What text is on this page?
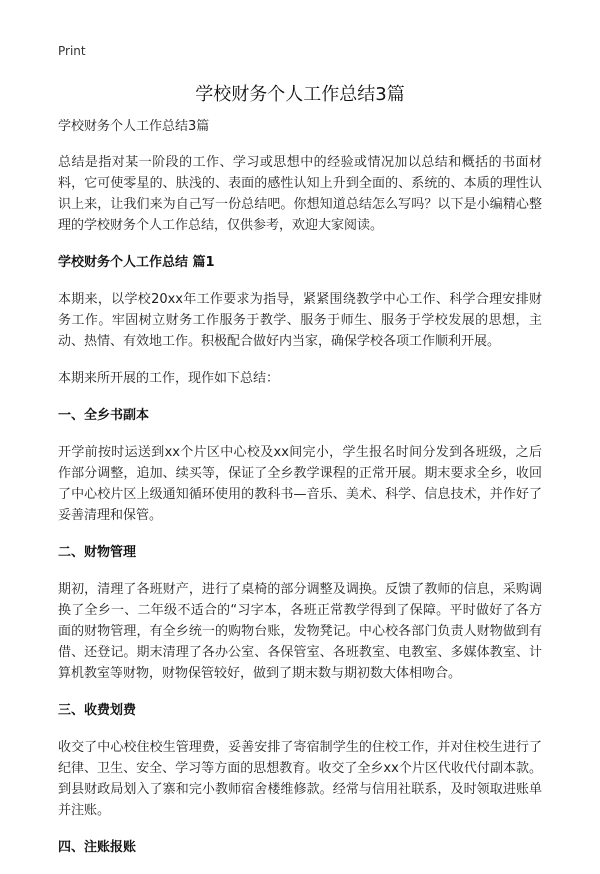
Print
学校财务个人工作总结3篇

学校财务个人工作总结3篇

总结是指对某一阶段的工作、学习或思想中的经验或情况加以总结和概括的书面材料，它可使零星的、肤浅的、表面的感性认知上升到全面的、系统的、本质的理性认识上来，让我们来为自己写一份总结吧。你想知道总结怎么写吗？以下是小编精心整理的学校财务个人工作总结，仅供参考，欢迎大家阅读。

学校财务个人工作总结 篇1

本期来，以学校20xx年工作要求为指导，紧紧围绕教学中心工作、科学合理安排财务工作。牢固树立财务工作服务于教学、服务于师生、服务于学校发展的思想，主动、热情、有效地工作。积极配合做好内当家，确保学校各项工作顺利开展。

本期来所开展的工作，现作如下总结：

一、全乡书副本

开学前按时运送到xx个片区中心校及xx间完小，学生报名时间分发到各班级，之后作部分调整，追加、续买等，保证了全乡教学课程的正常开展。期末要求全乡，收回了中心校片区上级通知循环使用的教科书—音乐、美术、科学、信息技术，并作好了妥善清理和保管。

二、财物管理

期初，清理了各班财产，进行了桌椅的部分调整及调换。反馈了教师的信息，采购调换了全乡一、二年级不适合的“习字本，各班正常教学得到了保障。平时做好了各方面的财物管理，有全乡统一的购物台账，发物凳记。中心校各部门负责人财物做到有借、还登记。期末清理了各办公室、各保管室、各班教室、电教室、多媒体教室、计算机教室等财物，财物保管较好，做到了期末数与期初数大体相吻合。

三、收费划费

收交了中心校住校生管理费，妥善安排了寄宿制学生的住校工作，并对住校生进行了纪律、卫生、安全、学习等方面的思想教育。收交了全乡xx个片区代收代付副本款。到县财政局划入了寨和完小教师宿舍楼维修款。经常与信用社联系，及时领取进账单并注账。

四、注账报账
